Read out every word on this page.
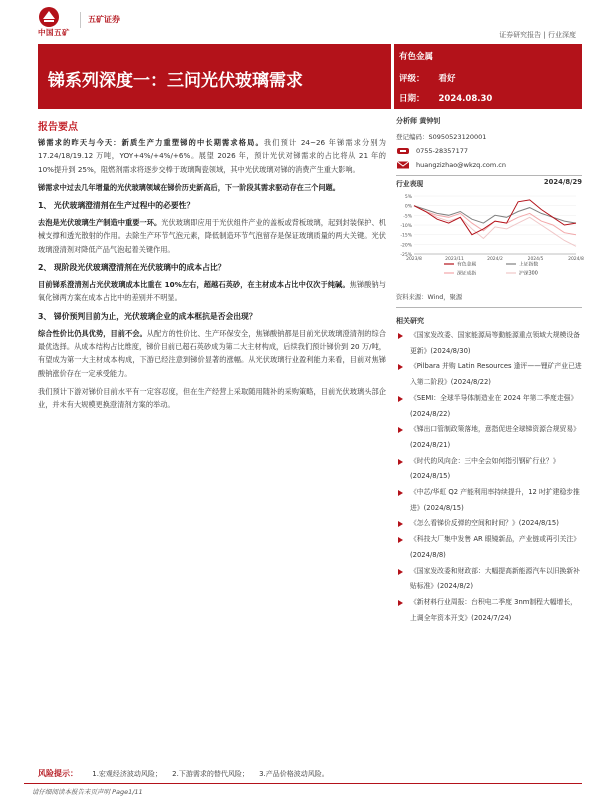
中国五矿
五矿证券
证券研究报告 | 行业深度
锑系列深度一：三问光伏玻璃需求
有色金属
评级： 看好
日期： 2024.08.30
报告要点

锑需求的昨天与今天：新质生产力重塑锑的中长期需求格局。我们预计 24~26 年锑需求分别为 17.24/18/19.12 万吨，YOY+4%/+4%/+6%。展望 2026 年，预计光伏对锑需求的占比将从 21 年的 10%提升到 25%，阻燃剂需求将逐步交棒于玻璃陶瓷领域，其中光伏玻璃对锑的消费产生重大影响。

锑需求中过去几年增量的光伏玻璃领域在锑价历史新高后，下一阶段其需求驱动存在三个问题。

1、 光伏玻璃澄清剂在生产过程中的必要性？

去泡是光伏玻璃生产制造中重要一环。光伏玻璃即应用于光伏组件产业的盖板或背板玻璃，起到封装保护、机械支撑和透光散射的作用。去除生产环节气泡元素，降低制造环节气泡留存是保证玻璃质量的两大关键。光伏玻璃澄清剂对降低产品气泡起着关键作用。

2、 现阶段光伏玻璃澄清剂在光伏玻璃中的成本占比？

目前锑系澄清剂占光伏玻璃成本比重在 10%左右，超越石英砂，在主材成本占比中仅次于纯碱。焦锑酸钠与氧化锑两方案在成本占比中的差别并不明显。

3、 锑价预判目前为止，光伏玻璃企业的成本框抗是否会出现？

综合性价比仍具优势，目前不会。从配方的性价比、生产环保安全，焦锑酸钠都是目前光伏玻璃澄清剂的综合最优选择。从成本结构占比维度，锑价目前已超石英砂成为第二大主材构成，后续我们预计锑价到 20 万/吨，有望成为第一大主材成本构成，下游已经注意到锑价显著的涨幅。从光伏玻璃行业盈利能力来看，目前对焦锑酸钠涨价存在一定承受能力。

我们预计下游对锑价目前水平有一定容忍度，但在生产经营上采取随用随补的采购策略，目前光伏玻璃头部企业，并未有大规模更换澄清剂方案的举动。

分析师 黄钟钊
登记编码：S0950523120001
0755-28357177
huangzizhao@wkzq.com.cn
行业表现	2024/8/29
5%
0%
-5%
-10%
-15%
-20%
-25%
2023/8	2023/11	2024/2	2024/5	2024/8
有色金属	上证指数
深证成指	沪深300
资料来源：Wind，聚源
相关研究
《国家发改委、国家能源局等動能源重点领域大规模设备更新》(2024/8/30)
《Pilbara 并购 Latin Resources 逢评——锂矿产业已进入第二阶段》(2024/8/22)
《SEMI：全球半导体制造业在 2024 年第二季度走强》(2024/8/22)
《锑出口管制政策落地，意指促进全球锑资源合规贸易》(2024/8/21)
《时代的风向企：三中全会如何指引钢矿行业？》(2024/8/15)
《中芯/华虹 Q2 产能利用率持续提升，12 吋扩建稳步推进》(2024/8/15)
《怎么看锑价反弹的空间和时间？》(2024/8/15)
《科技大厂集中发售 AR 眼镜新品，产业链或再引关注》(2024/8/8)
《国家发改委和财政部：大幅提高新能源汽车以旧换新补贴标准》(2024/8/2)
《新材料行业周报：台积电二季度 3nm制程大幅增长，上调全年资本开支》(2024/7/24)
风险提示： 1.宏观经济波动风险； 2.下游需求的替代风险； 3.产品价格波动风险。
请仔细阅读本报告末页声明 Page1/11
